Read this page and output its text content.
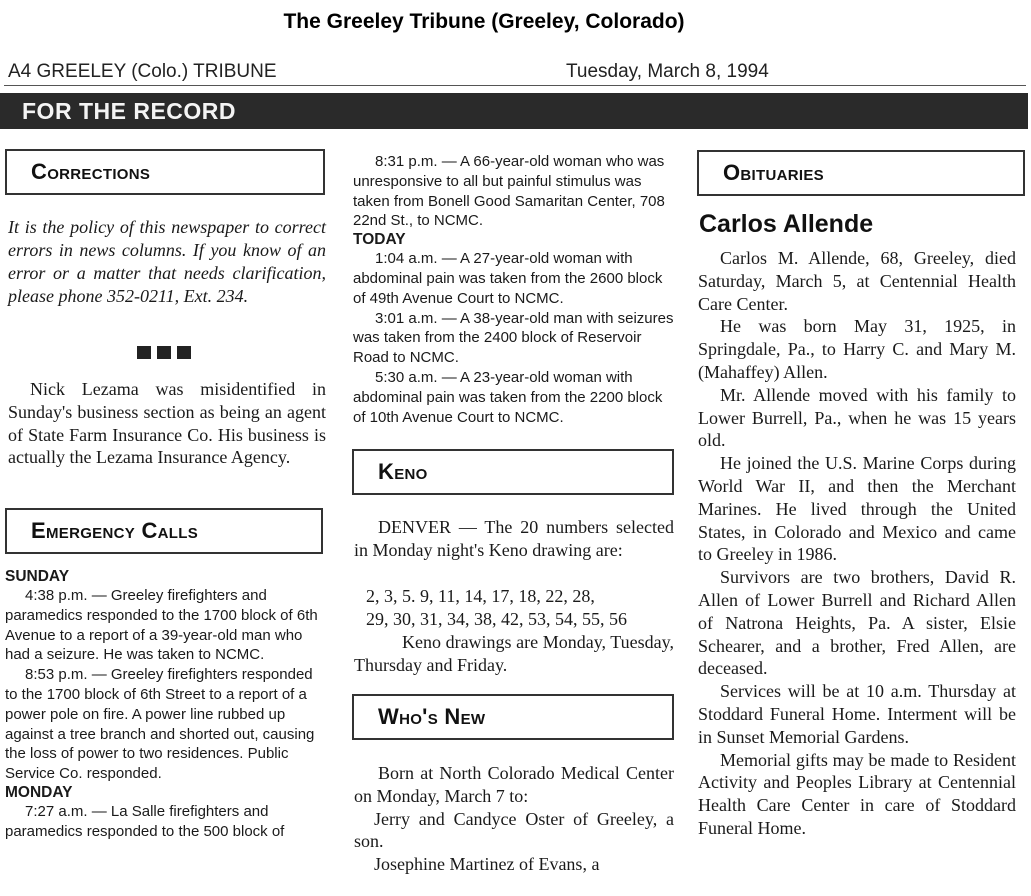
The Greeley Tribune (Greeley, Colorado)
A4 GREELEY (Colo.) TRIBUNE	Tuesday, March 8, 1994
FOR THE RECORD
Corrections
It is the policy of this newspaper to correct errors in news columns. If you know of an error or a matter that needs clarification, please phone 352-0211, Ext. 234.
Nick Lezama was misidentified in Sunday's business section as being an agent of State Farm Insurance Co. His business is actually the Lezama Insurance Agency.
Emergency Calls
SUNDAY
4:38 p.m. — Greeley firefighters and paramedics responded to the 1700 block of 6th Avenue to a report of a 39-year-old man who had a seizure. He was taken to NCMC.
8:53 p.m. — Greeley firefighters responded to the 1700 block of 6th Street to a report of a power pole on fire. A power line rubbed up against a tree branch and shorted out, causing the loss of power to two residences. Public Service Co. responded.
MONDAY
7:27 a.m. — La Salle firefighters and paramedics responded to the 500 block of
8:31 p.m. — A 66-year-old woman who was unresponsive to all but painful stimulus was taken from Bonell Good Samaritan Center, 708 22nd St., to NCMC.
TODAY
1:04 a.m. — A 27-year-old woman with abdominal pain was taken from the 2600 block of 49th Avenue Court to NCMC.
3:01 a.m. — A 38-year-old man with seizures was taken from the 2400 block of Reservoir Road to NCMC.
5:30 a.m. — A 23-year-old woman with abdominal pain was taken from the 2200 block of 10th Avenue Court to NCMC.
Keno
DENVER — The 20 numbers selected in Monday night's Keno drawing are:
2, 3, 5. 9, 11, 14, 17, 18, 22, 28,
29, 30, 31, 34, 38, 42, 53, 54, 55, 56
Keno drawings are Monday, Tuesday, Thursday and Friday.
Who's New
Born at North Colorado Medical Center on Monday, March 7 to:
Jerry and Candyce Oster of Greeley, a son.
Josephine Martinez of Evans, a
Obituaries
Carlos Allende
Carlos M. Allende, 68, Greeley, died Saturday, March 5, at Centennial Health Care Center.
He was born May 31, 1925, in Springdale, Pa., to Harry C. and Mary M. (Mahaffey) Allen.
Mr. Allende moved with his family to Lower Burrell, Pa., when he was 15 years old.
He joined the U.S. Marine Corps during World War II, and then the Merchant Marines. He lived through the United States, in Colorado and Mexico and came to Greeley in 1986.
Survivors are two brothers, David R. Allen of Lower Burrell and Richard Allen of Natrona Heights, Pa. A sister, Elsie Schearer, and a brother, Fred Allen, are deceased.
Services will be at 10 a.m. Thursday at Stoddard Funeral Home. Interment will be in Sunset Memorial Gardens.
Memorial gifts may be made to Resident Activity and Peoples Library at Centennial Health Care Center in care of Stoddard Funeral Home.
